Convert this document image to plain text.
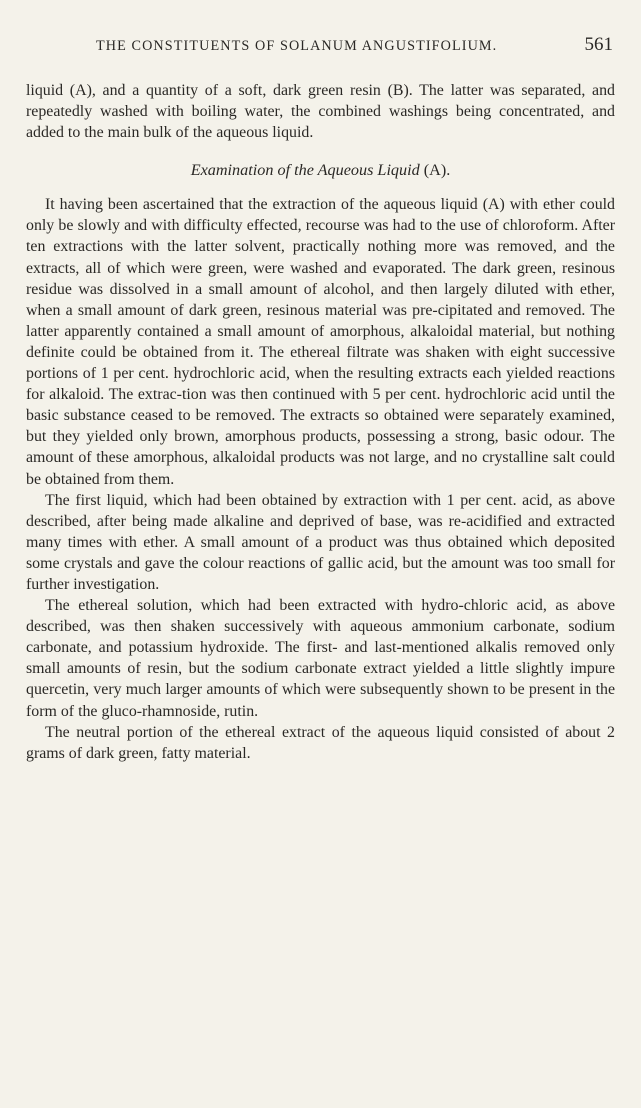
THE CONSTITUENTS OF SOLANUM ANGUSTIFOLIUM.	561

liquid (A), and a quantity of a soft, dark green resin (B). The latter was separated, and repeatedly washed with boiling water, the combined washings being concentrated, and added to the main bulk of the aqueous liquid.

Examination of the Aqueous Liquid (A).

It having been ascertained that the extraction of the aqueous liquid (A) with ether could only be slowly and with difficulty effected, recourse was had to the use of chloroform. After ten extractions with the latter solvent, practically nothing more was removed, and the extracts, all of which were green, were washed and evaporated. The dark green, resinous residue was dissolved in a small amount of alcohol, and then largely diluted with ether, when a small amount of dark green, resinous material was pre-cipitated and removed. The latter apparently contained a small amount of amorphous, alkaloidal material, but nothing definite could be obtained from it. The ethereal filtrate was shaken with eight successive portions of 1 per cent. hydrochloric acid, when the resulting extracts each yielded reactions for alkaloid. The extrac-tion was then continued with 5 per cent. hydrochloric acid until the basic substance ceased to be removed. The extracts so obtained were separately examined, but they yielded only brown, amorphous products, possessing a strong, basic odour. The amount of these amorphous, alkaloidal products was not large, and no crystalline salt could be obtained from them.

The first liquid, which had been obtained by extraction with 1 per cent. acid, as above described, after being made alkaline and deprived of base, was re-acidified and extracted many times with ether. A small amount of a product was thus obtained which deposited some crystals and gave the colour reactions of gallic acid, but the amount was too small for further investigation.

The ethereal solution, which had been extracted with hydro-chloric acid, as above described, was then shaken successively with aqueous ammonium carbonate, sodium carbonate, and potassium hydroxide. The first- and last-mentioned alkalis removed only small amounts of resin, but the sodium carbonate extract yielded a little slightly impure quercetin, very much larger amounts of which were subsequently shown to be present in the form of the gluco-rhamnoside, rutin.

The neutral portion of the ethereal extract of the aqueous liquid consisted of about 2 grams of dark green, fatty material.
